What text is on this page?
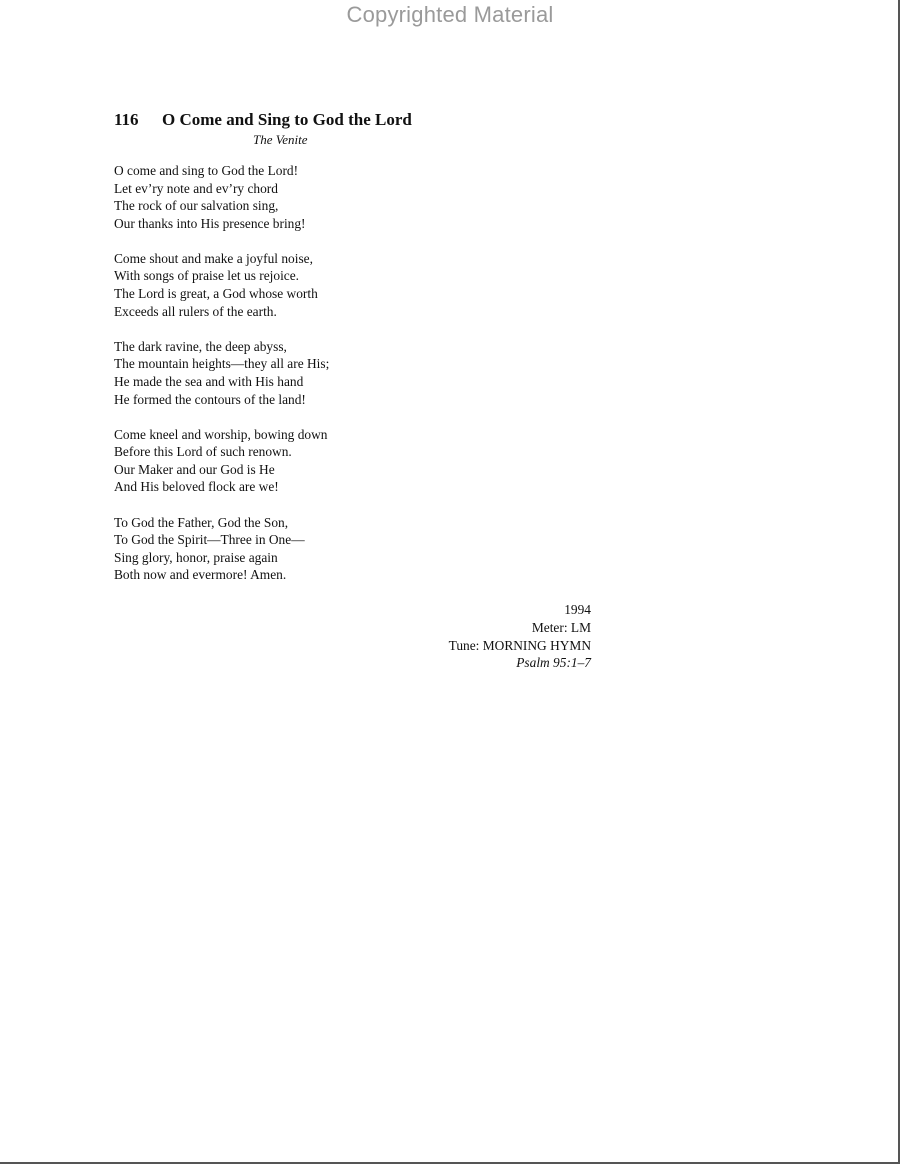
Copyrighted Material
116 O Come and Sing to God the Lord
The Venite
O come and sing to God the Lord!
Let ev’ry note and ev’ry chord
The rock of our salvation sing,
Our thanks into His presence bring!
Come shout and make a joyful noise,
With songs of praise let us rejoice.
The Lord is great, a God whose worth
Exceeds all rulers of the earth.
The dark ravine, the deep abyss,
The mountain heights—they all are His;
He made the sea and with His hand
He formed the contours of the land!
Come kneel and worship, bowing down
Before this Lord of such renown.
Our Maker and our God is He
And His beloved flock are we!
To God the Father, God the Son,
To God the Spirit—Three in One—
Sing glory, honor, praise again
Both now and evermore! Amen.
1994
Meter: LM
Tune: MORNING HYMN
Psalm 95:1–7
